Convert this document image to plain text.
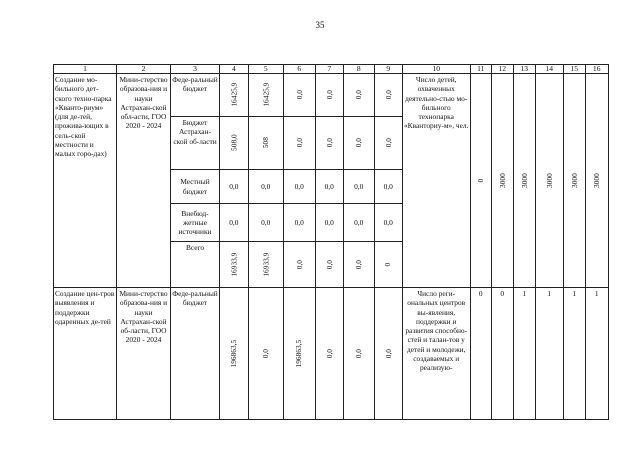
35
1	2	3	4	5	6	7	8	9	10	11	12	13	14	15	16
Создание мо-бильного дет-ского техно-парка «Кванто-риум» (для де-тей, прожива-ющих в сель-ской местности и малых горо-дах)	Мини-стерство образова-ния и науки Астрахан-ской обл-асти, ГОО 2020 - 2024	Феде-ральный бюджет	16425,9	16425,9	0,0	0,0	0,0	0,0	Число детей, охваченных деятельно-стью мо-бильного технопарка «Кванториу-м», чел.	0	3000	3000	3000	3000	3000
		Бюджет Астрахан-ской об-ласти	508,0	508	0,0	0,0	0,0	0,0							
		Местный бюджет	0,0	0,0	0,0	0,0	0,0	0,0							
		Внебюд-жетные источники	0,0	0,0	0,0	0,0	0,0	0,0							
		Всего	16933,9	16933,9	0,0	0,0	0,0	0							
Создание цен-тров выявления и поддержки одаренных де-тей	Мини-стерство образова-ния и науки Астрахан-ской об-ласти, ГОО 2020 - 2024	Феде-ральный бюджет	196863,5	0,0	196863,5	0,0	0,0	0,0	Число реги-ональных центров вы-явления, поддержки и развития способно-стей и талан-тов у детей и молодежи, создаваемых и реализую-	0	0	1	1	1	1
